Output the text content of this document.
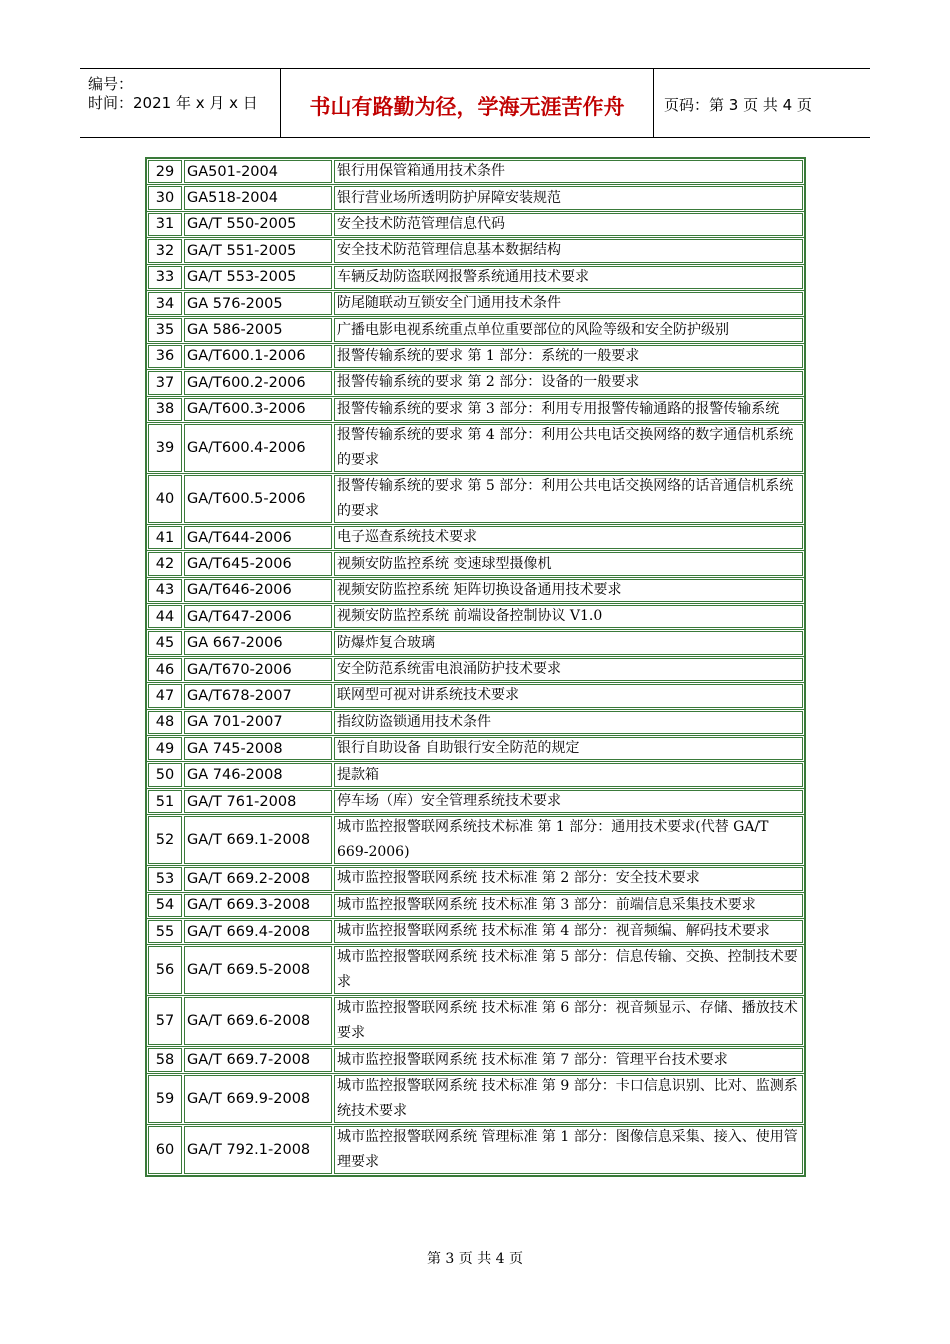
编号：
时间：2021 年 x 月 x 日	书山有路勤为径，学海无涯苦作舟	页码：第 3 页 共 4 页
29 GA501-2004	银行用保管箱通用技术条件
30 GA518-2004	银行营业场所透明防护屏障安装规范
31 GA/T 550-2005	安全技术防范管理信息代码
32 GA/T 551-2005	安全技术防范管理信息基本数据结构
33 GA/T 553-2005	车辆反劫防盗联网报警系统通用技术要求
34 GA 576-2005	防尾随联动互锁安全门通用技术条件
35 GA 586-2005	广播电影电视系统重点单位重要部位的风险等级和安全防护级别
36 GA/T600.1-2006 报警传输系统的要求 第 1 部分：系统的一般要求
37 GA/T600.2-2006 报警传输系统的要求 第 2 部分：设备的一般要求
38 GA/T600.3-2006 报警传输系统的要求 第 3 部分：利用专用报警传输通路的报警传输系统
39 GA/T600.4-2006
报警传输系统的要求 第 4 部分：利用公共电话交换网络的数字通信机系统的要求
40 GA/T600.5-2006
报警传输系统的要求 第 5 部分：利用公共电话交换网络的话音通信机系统的要求
41 GA/T644-2006	电子巡查系统技术要求
42 GA/T645-2006	视频安防监控系统 变速球型摄像机
43 GA/T646-2006	视频安防监控系统 矩阵切换设备通用技术要求
44 GA/T647-2006	视频安防监控系统 前端设备控制协议 V1.0
45 GA 667-2006	防爆炸复合玻璃
46 GA/T670-2006	安全防范系统雷电浪涌防护技术要求
47 GA/T678-2007	联网型可视对讲系统技术要求
48 GA 701-2007	指纹防盗锁通用技术条件
49 GA 745-2008	银行自助设备 自助银行安全防范的规定
50 GA 746-2008	提款箱
51 GA/T 761-2008	停车场（库）安全管理系统技术要求
52 GA/T 669.1-2008
城市监控报警联网系统技术标准 第 1 部分：通用技术要求(代替 GA/T 669-2006)
53 GA/T 669.2-2008 城市监控报警联网系统 技术标准 第 2 部分：安全技术要求
54 GA/T 669.3-2008 城市监控报警联网系统 技术标准 第 3 部分：前端信息采集技术要求
55 GA/T 669.4-2008 城市监控报警联网系统 技术标准 第 4 部分：视音频编、解码技术要求
56 GA/T 669.5-2008
城市监控报警联网系统 技术标准 第 5 部分：信息传输、交换、控制技术要求
57 GA/T 669.6-2008
城市监控报警联网系统 技术标准 第 6 部分：视音频显示、存储、播放技术要求
58 GA/T 669.7-2008 城市监控报警联网系统 技术标准 第 7 部分：管理平台技术要求
59 GA/T 669.9-2008
城市监控报警联网系统 技术标准 第 9 部分：卡口信息识别、比对、监测系统技术要求
60 GA/T 792.1-2008
城市监控报警联网系统 管理标准 第 1 部分：图像信息采集、接入、使用管理要求
第 3 页 共 4 页
